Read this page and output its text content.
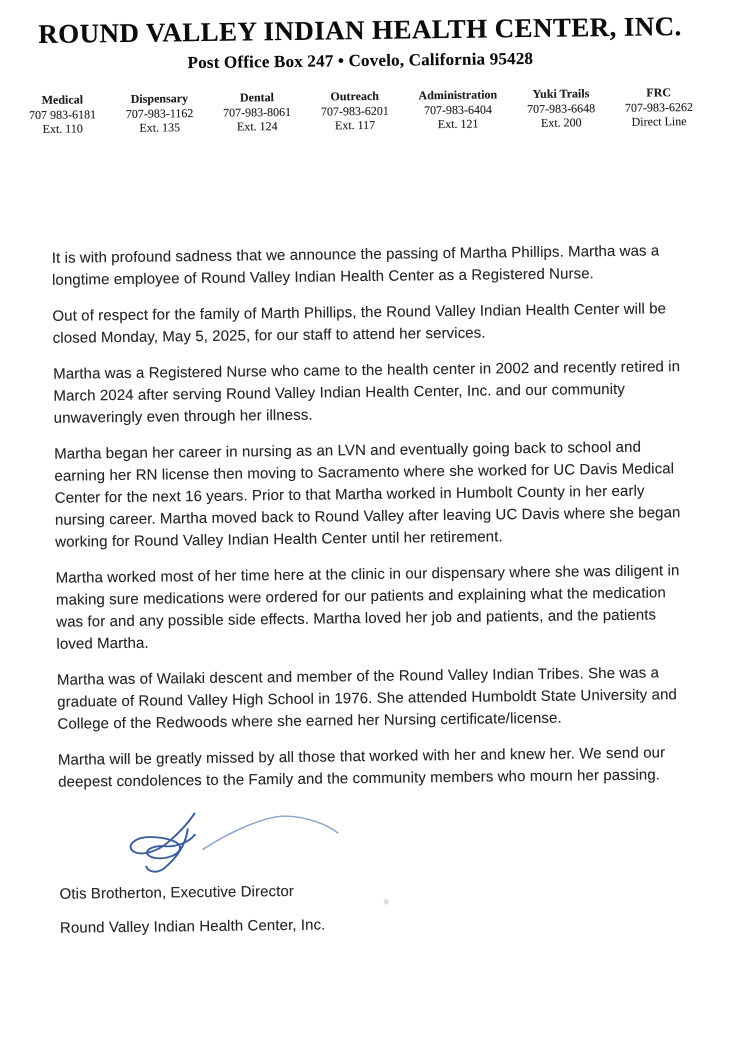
ROUND VALLEY INDIAN HEALTH CENTER, INC.
Post Office Box 247 • Covelo, California 95428
Medical
707 983-6181
Ext. 110
Dispensary
707-983-1162
Ext. 135
Dental
707-983-8061
Ext. 124
Outreach
707-983-6201
Ext. 117
Administration
707-983-6404
Ext. 121
Yuki Trails
707-983-6648
Ext. 200
FRC
707-983-6262
Direct Line

It is with profound sadness that we announce the passing of Martha Phillips. Martha was a longtime employee of Round Valley Indian Health Center as a Registered Nurse.

Out of respect for the family of Marth Phillips, the Round Valley Indian Health Center will be closed Monday, May 5, 2025, for our staff to attend her services.

Martha was a Registered Nurse who came to the health center in 2002 and recently retired in March 2024 after serving Round Valley Indian Health Center, Inc. and our community unwaveringly even through her illness.

Martha began her career in nursing as an LVN and eventually going back to school and earning her RN license then moving to Sacramento where she worked for UC Davis Medical Center for the next 16 years. Prior to that Martha worked in Humbolt County in her early nursing career. Martha moved back to Round Valley after leaving UC Davis where she began working for Round Valley Indian Health Center until her retirement.

Martha worked most of her time here at the clinic in our dispensary where she was diligent in making sure medications were ordered for our patients and explaining what the medication was for and any possible side effects. Martha loved her job and patients, and the patients loved Martha.

Martha was of Wailaki descent and member of the Round Valley Indian Tribes. She was a graduate of Round Valley High School in 1976. She attended Humboldt State University and College of the Redwoods where she earned her Nursing certificate/license.

Martha will be greatly missed by all those that worked with her and knew her. We send our deepest condolences to the Family and the community members who mourn her passing.

Otis Brotherton, Executive Director
Round Valley Indian Health Center, Inc.
